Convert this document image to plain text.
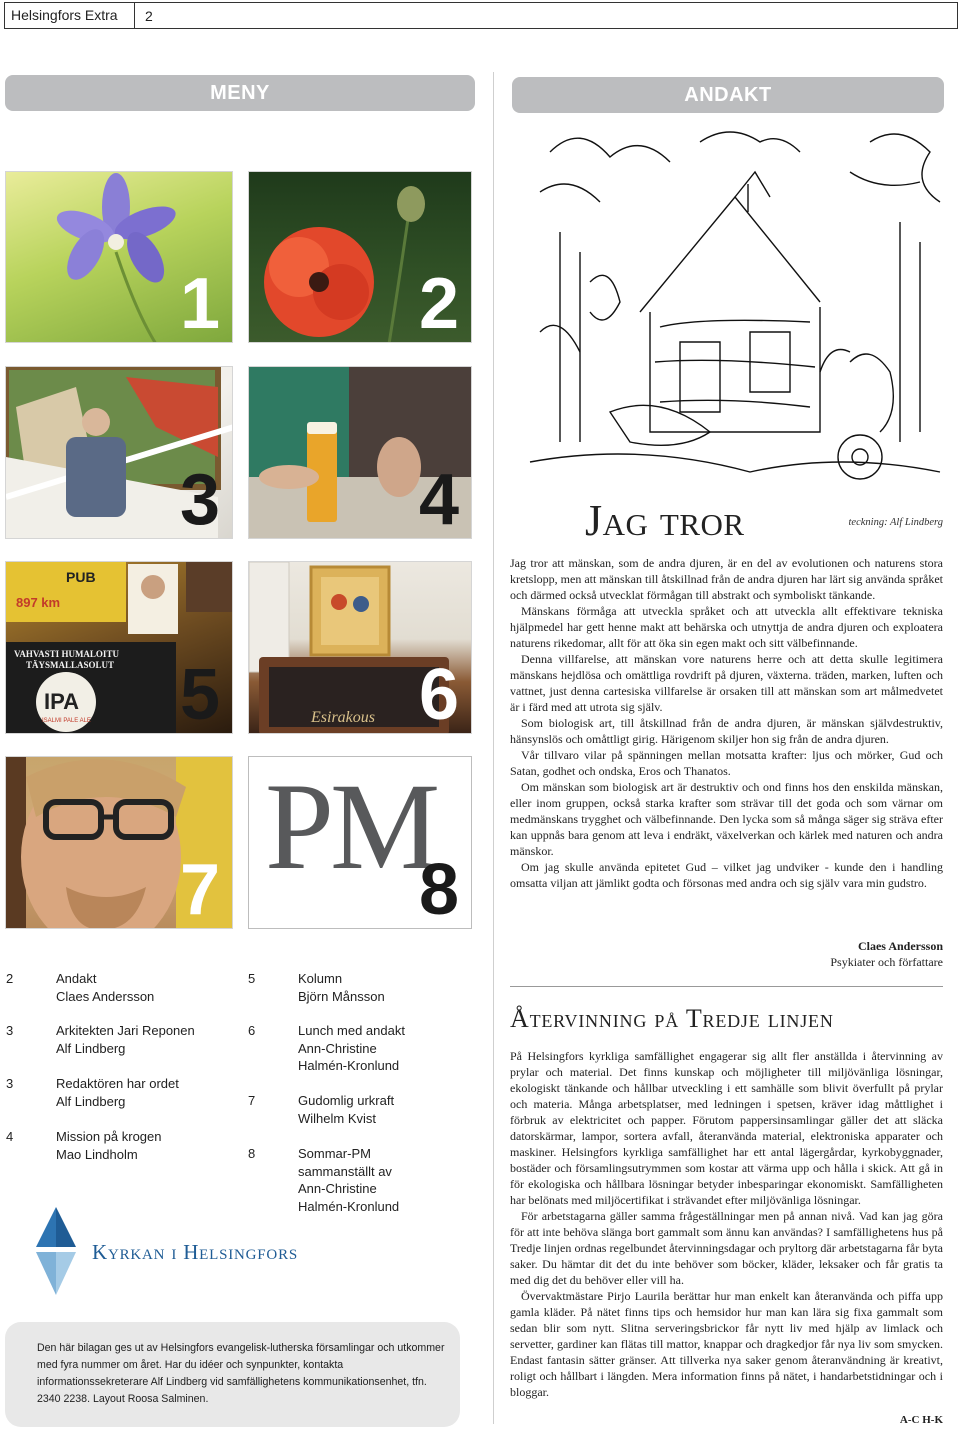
Helsingfors Extra	2
MENY	ANDAKT
1	2
3	4
897 km
PUB
VAHVASTI HUMALOITU
TÄYSMALLASOLUT
IPA
ISALMI PALE ALE 5	Esirakous 6
7 PM
8
2	Andakt
Claes Andersson
3	Arkitekten Jari Reponen
Alf Lindberg
3	Redaktören har ordet
Alf Lindberg
4	Mission på krogen
Mao Lindholm
5	Kolumn
Björn Månsson
6	Lunch med andakt
Ann-Christine
Halmén-Kronlund
7	Gudomlig urkraft
Wilhelm Kvist
8	Sommar-PM
sammanställt av
Ann-Christine
Halmén-Kronlund
Kyrkan i Helsingfors
Den här bilagan ges ut av Helsingfors evangelisk-lutherska församlingar och utkommer med fyra nummer om året. Har du idéer och synpunkter, kontakta informationssekreterare Alf Lindberg vid samfällighetens kommunikationsenhet, tfn. 2340 2238. Layout Roosa Salminen.
Jag tror	teckning: Alf Lindberg

Jag tror att mänskan, som de andra djuren, är en del av evolutionen och naturens stora kretslopp, men att mänskan till åtskillnad från de andra djuren har lärt sig använda språket och därmed också utvecklat förmågan till abstrakt och symboliskt tänkande.

Mänskans förmåga att utveckla språket och att utveckla allt effektivare tekniska hjälpmedel har gett henne makt att behärska och utnyttja de andra djuren och exploatera naturens rikedomar, allt för att öka sin egen makt och sitt välbefinnande.

Denna villfarelse, att mänskan vore naturens herre och att detta skulle legitimera mänskans hejdlösa och omättliga rovdrift på djuren, växterna. träden, marken, luften och vattnet, just denna cartesiska villfarelse är orsaken till att mänskan som art målmedvetet är i färd med att utrota sig själv.

Som biologisk art, till åtskillnad från de andra djuren, är mänskan självdestruktiv, hänsynslös och omåttligt girig. Härigenom skiljer hon sig från de andra djuren.

Vår tillvaro vilar på spänningen mellan motsatta krafter: ljus och mörker, Gud och Satan, godhet och ondska, Eros och Thanatos.

Om mänskan som biologisk art är destruktiv och ond finns hos den enskilda mänskan, eller inom gruppen, också starka krafter som strävar till det goda och som värnar om medmänskans trygghet och välbefinnande. Den lycka som så många säger sig sträva efter kan uppnås bara genom att leva i endräkt, växelverkan och kärlek med naturen och andra mänskor.

Om jag skulle använda epitetet Gud – vilket jag undviker - kunde den i handling omsatta viljan att jämlikt godta och försonas med andra och sig själv vara min gudstro.

Claes Andersson
Psykiater och författare
Återvinning på Tredje linjen

På Helsingfors kyrkliga samfällighet engagerar sig allt fler anställda i återvinning av prylar och material. Det finns kunskap och möjligheter till miljövänliga lösningar, ekologiskt tänkande och hållbar utveckling i ett samhälle som blivit överfullt på prylar och materia. Många arbetsplatser, med ledningen i spetsen, kräver idag måttlighet i förbruk av elektricitet och papper. Förutom pappersinsamlingar gäller det att släcka datorskärmar, lampor, sortera avfall, återanvända material, elektroniska apparater och maskiner. Helsingfors kyrkliga samfällighet har ett antal lägergårdar, kyrkobyggnader, bostäder och församlingsutrymmen som kostar att värma upp och hålla i skick. Att gå in för ekologiska och hållbara lösningar betyder inbesparingar ekonomiskt. Samfälligheten har belönats med miljöcertifikat i strävandet efter miljövänliga lösningar.

För arbetstagarna gäller samma frågeställningar men på annan nivå. Vad kan jag göra för att inte behöva slänga bort gammalt som ännu kan användas? I samfällighetens hus på Tredje linjen ordnas regelbundet återvinningsdagar och pryltorg där arbetstagarna får byta saker. Du hämtar dit det du inte behöver som böcker, kläder, leksaker och får gratis ta med dig det du behöver eller vill ha.

Övervaktmästare Pirjo Laurila berättar hur man enkelt kan återanvända och piffa upp gamla kläder. På nätet finns tips och hemsidor hur man kan lära sig fixa gammalt som sedan blir som nytt. Slitna serveringsbrickor får nytt liv med hjälp av limlack och servetter, gardiner kan flätas till mattor, knappar och dragkedjor får nya liv som smycken. Endast fantasin sätter gränser. Att tillverka nya saker genom återanvändning är kreativt, roligt och hållbart i längden. Mera information finns på nätet, i handarbetstidningar och i bloggar.

A-C H-K
